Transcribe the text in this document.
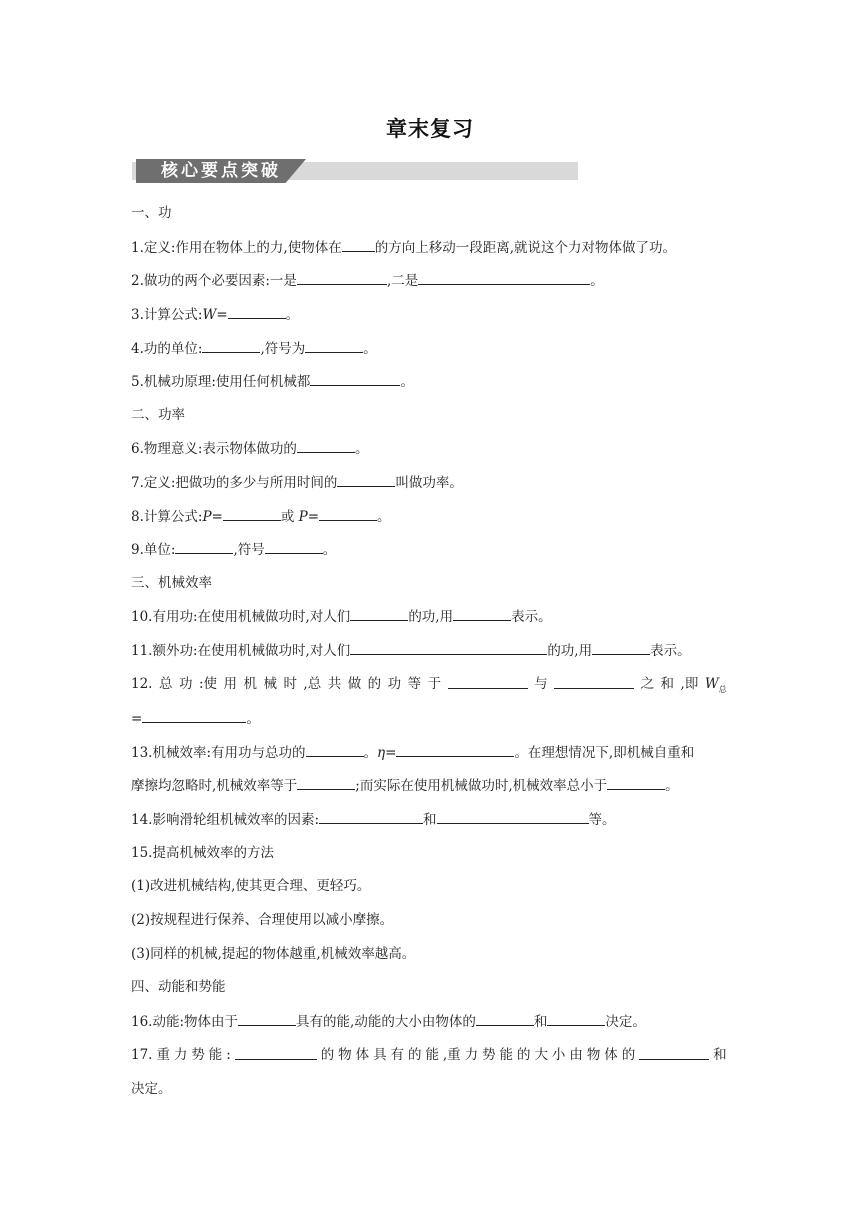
章末复习
核心要点突破
一、功
1.定义:作用在物体上的力,使物体在 的方向上移动一段距离,就说这个力对物体做了功。
2.做功的两个必要因素:一是	,二是	。
3.计算公式:W=	。
4.功的单位:	,符号为	。
5.机械功原理:使用任何机械都	。
二、功率
6.物理意义:表示物体做功的	。
7.定义:把做功的多少与所用时间的	叫做功率。
8.计算公式:P=	或 P=	。
9.单位:	,符号	。
三、机械效率
10.有用功:在使用机械做功时,对人们	的功,用	表示。
11.额外功:在使用机械做功时,对人们	的功,用	表示。
12. 总 功 :使 用 机 械 时 ,总 共 做 的 功 等 于	与	之 和 ,即 $W_总$
=	。
13.机械效率:有用功与总功的	。η=	。在理想情况下,即机械自重和
摩擦均忽略时,机械效率等于	;而实际在使用机械做功时,机械效率总小于	。
14.影响滑轮组机械效率的因素:	和	等。
15.提高机械效率的方法
(1)改进机械结构,使其更合理、更轻巧。
(2)按规程进行保养、合理使用以减小摩擦。
(3)同样的机械,提起的物体越重,机械效率越高。
四、动能和势能
16.动能:物体由于	具有的能,动能的大小由物体的	和	决定。
17. 重 力 势 能 :	的 物 体 具 有 的 能 ,重 力 势 能 的 大 小 由 物 体 的	和
决定。
